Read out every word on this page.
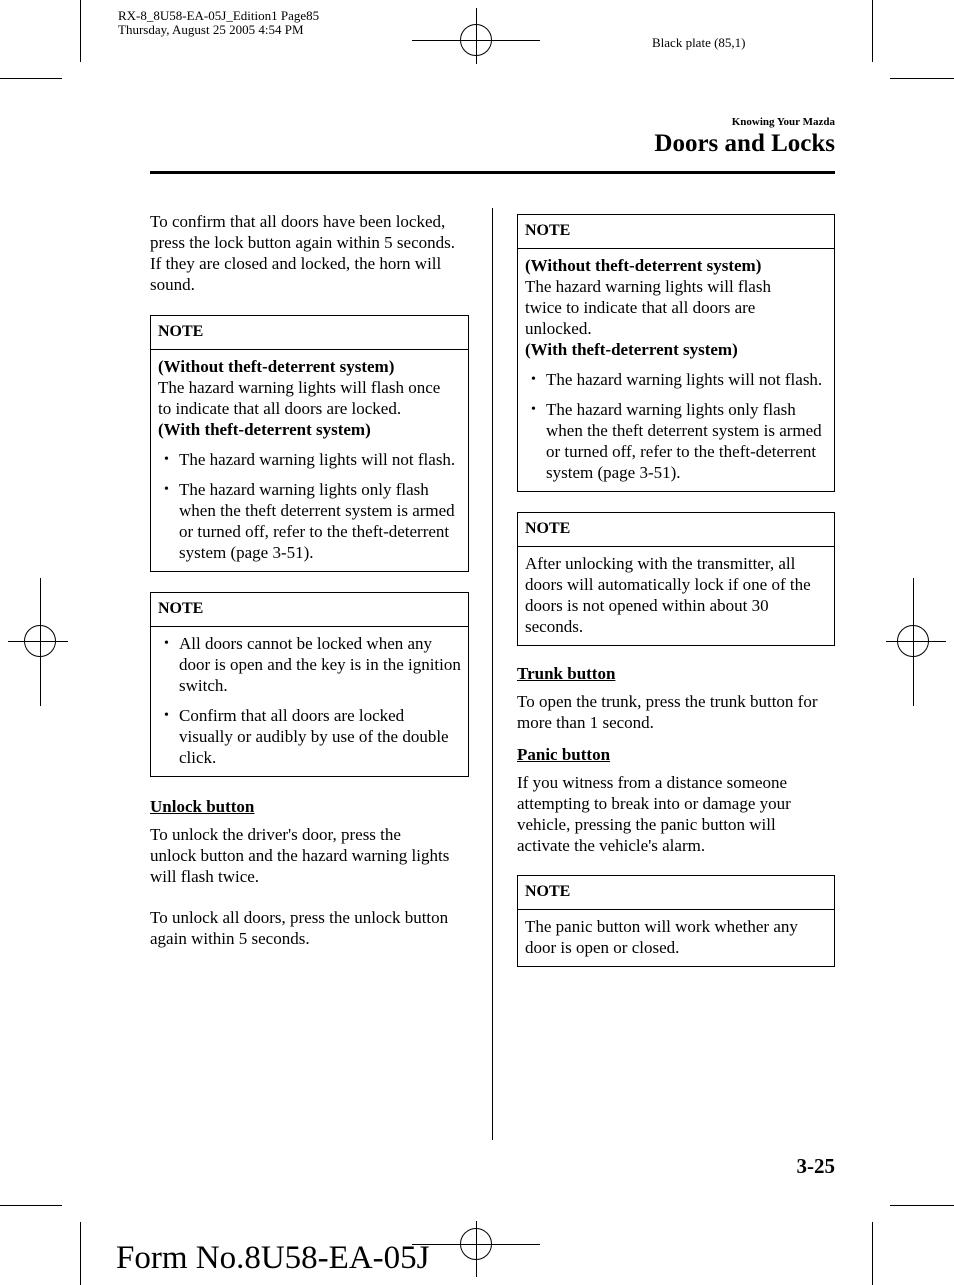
RX-8_8U58-EA-05J_Edition1 Page85
Thursday, August 25 2005 4:54 PM
Black plate (85,1)
Knowing Your Mazda
Doors and Locks

To confirm that all doors have been locked, press the lock button again within 5 seconds. If they are closed and locked, the horn will sound.

NOTE
(Without theft-deterrent system)
The hazard warning lights will flash once to indicate that all doors are locked.
(With theft-deterrent system)
• The hazard warning lights will not flash.
• The hazard warning lights only flash when the theft deterrent system is armed or turned off, refer to the theft-deterrent system (page 3-51).
NOTE
• All doors cannot be locked when any door is open and the key is in the ignition switch.
• Confirm that all doors are locked visually or audibly by use of the double click.
Unlock button

To unlock the driver's door, press the unlock button and the hazard warning lights will flash twice.

To unlock all doors, press the unlock button again within 5 seconds.

NOTE
(Without theft-deterrent system)
The hazard warning lights will flash twice to indicate that all doors are unlocked.
(With theft-deterrent system)
• The hazard warning lights will not flash.
• The hazard warning lights only flash when the theft deterrent system is armed or turned off, refer to the theft-deterrent system (page 3-51).
NOTE
After unlocking with the transmitter, all doors will automatically lock if one of the doors is not opened within about 30 seconds.
Trunk button

To open the trunk, press the trunk button for more than 1 second.

Panic button

If you witness from a distance someone attempting to break into or damage your vehicle, pressing the panic button will activate the vehicle's alarm.

NOTE
The panic button will work whether any door is open or closed.
3-25
Form No.8U58-EA-05J
